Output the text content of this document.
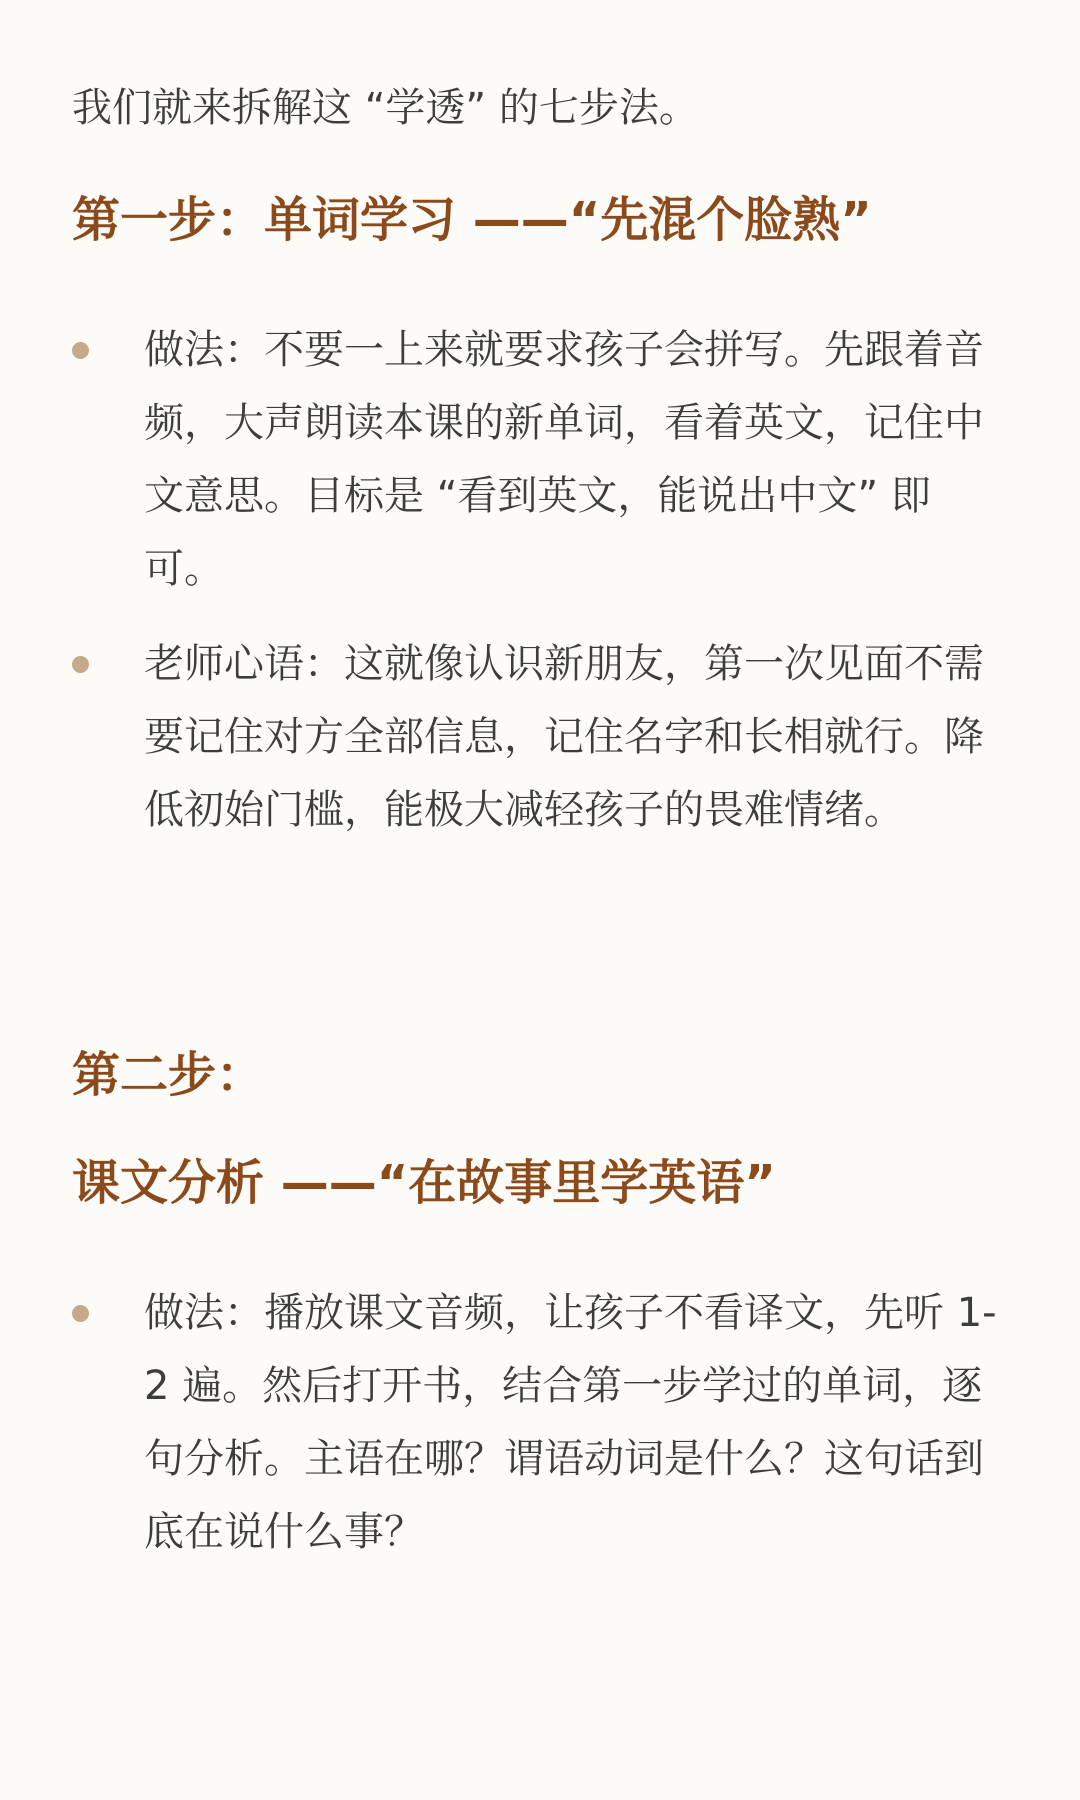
我们就来拆解这 “学透” 的七步法。

第一步：单词学习 ——“先混个脸熟”
做法：不要一上来就要求孩子会拼写。先跟着音频，大声朗读本课的新单词，看着英文，记住中文意思。目标是 “看到英文，能说出中文” 即可。
老师心语：这就像认识新朋友，第一次见面不需要记住对方全部信息，记住名字和长相就行。降低初始门槛，能极大减轻孩子的畏难情绪。
第二步：
课文分析 ——“在故事里学英语”
做法：播放课文音频，让孩子不看译文，先听 1-2 遍。然后打开书，结合第一步学过的单词，逐句分析。主语在哪？谓语动词是什么？这句话到底在说什么事？
